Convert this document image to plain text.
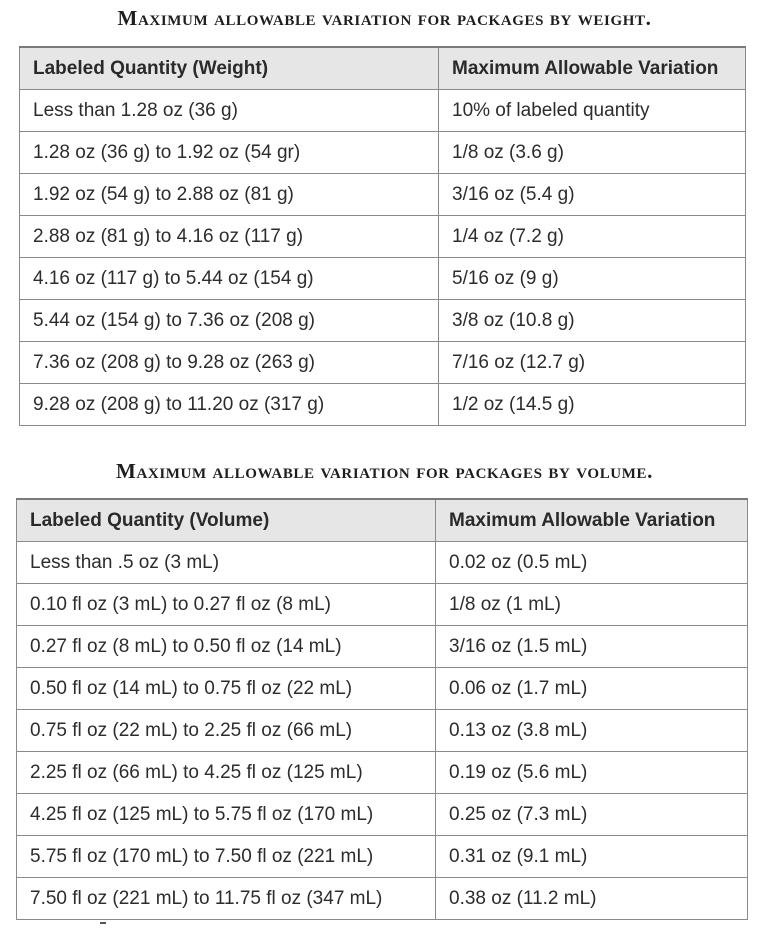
Maximum allowable variation for packages by weight.
Labeled Quantity (Weight)	Maximum Allowable Variation
Less than 1.28 oz (36 g)	10% of labeled quantity
1.28 oz (36 g) to 1.92 oz (54 gr)	1/8 oz (3.6 g)
1.92 oz (54 g) to 2.88 oz (81 g)	3/16 oz (5.4 g)
2.88 oz (81 g) to 4.16 oz (117 g)	1/4 oz (7.2 g)
4.16 oz (117 g) to 5.44 oz (154 g)	5/16 oz (9 g)
5.44 oz (154 g) to 7.36 oz (208 g)	3/8 oz (10.8 g)
7.36 oz (208 g) to 9.28 oz (263 g)	7/16 oz (12.7 g)
9.28 oz (208 g) to 11.20 oz (317 g)	1/2 oz (14.5 g)
Maximum allowable variation for packages by volume.
Labeled Quantity (Volume)	Maximum Allowable Variation
Less than .5 oz (3 mL)	0.02 oz (0.5 mL)
0.10 fl oz (3 mL) to 0.27 fl oz (8 mL)	1/8 oz (1 mL)
0.27 fl oz (8 mL) to 0.50 fl oz (14 mL)	3/16 oz (1.5 mL)
0.50 fl oz (14 mL) to 0.75 fl oz (22 mL)	0.06 oz (1.7 mL)
0.75 fl oz (22 mL) to 2.25 fl oz (66 mL)	0.13 oz (3.8 mL)
2.25 fl oz (66 mL) to 4.25 fl oz (125 mL)	0.19 oz (5.6 mL)
4.25 fl oz (125 mL) to 5.75 fl oz (170 mL)	0.25 oz (7.3 mL)
5.75 fl oz (170 mL) to 7.50 fl oz (221 mL)	0.31 oz (9.1 mL)
7.50 fl oz (221 mL) to 11.75 fl oz (347 mL)	0.38 oz (11.2 mL)
